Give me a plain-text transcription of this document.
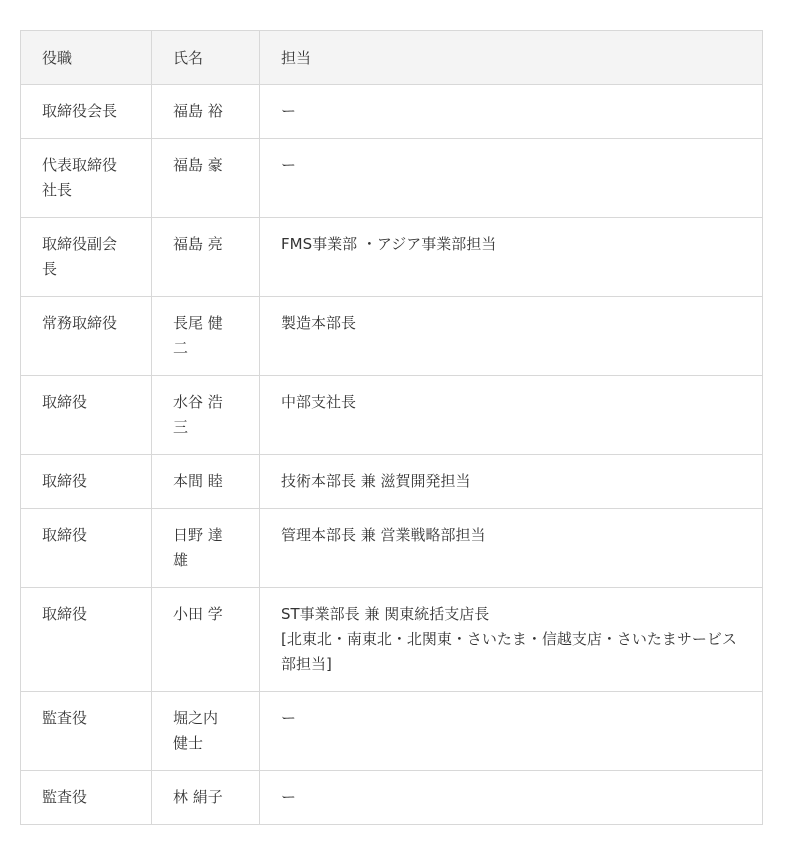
役職	氏名	担当
取締役会長	福島 裕	ー
代表取締役社長	福島 豪	ー
取締役副会長	福島 亮	FMS事業部 ・アジア事業部担当
常務取締役	長尾 健二	製造本部長
取締役	水谷 浩三	中部支社長
取締役	本間 睦	技術本部長 兼 滋賀開発担当
取締役	日野 達雄	管理本部長 兼 営業戦略部担当
取締役	小田 学	ST事業部長 兼 関東統括支店長
[北東北・南東北・北関東・さいたま・信越支店・さいたまサービス部担当]
監査役	堀之内 健士	ー
監査役	林 絹子	ー
